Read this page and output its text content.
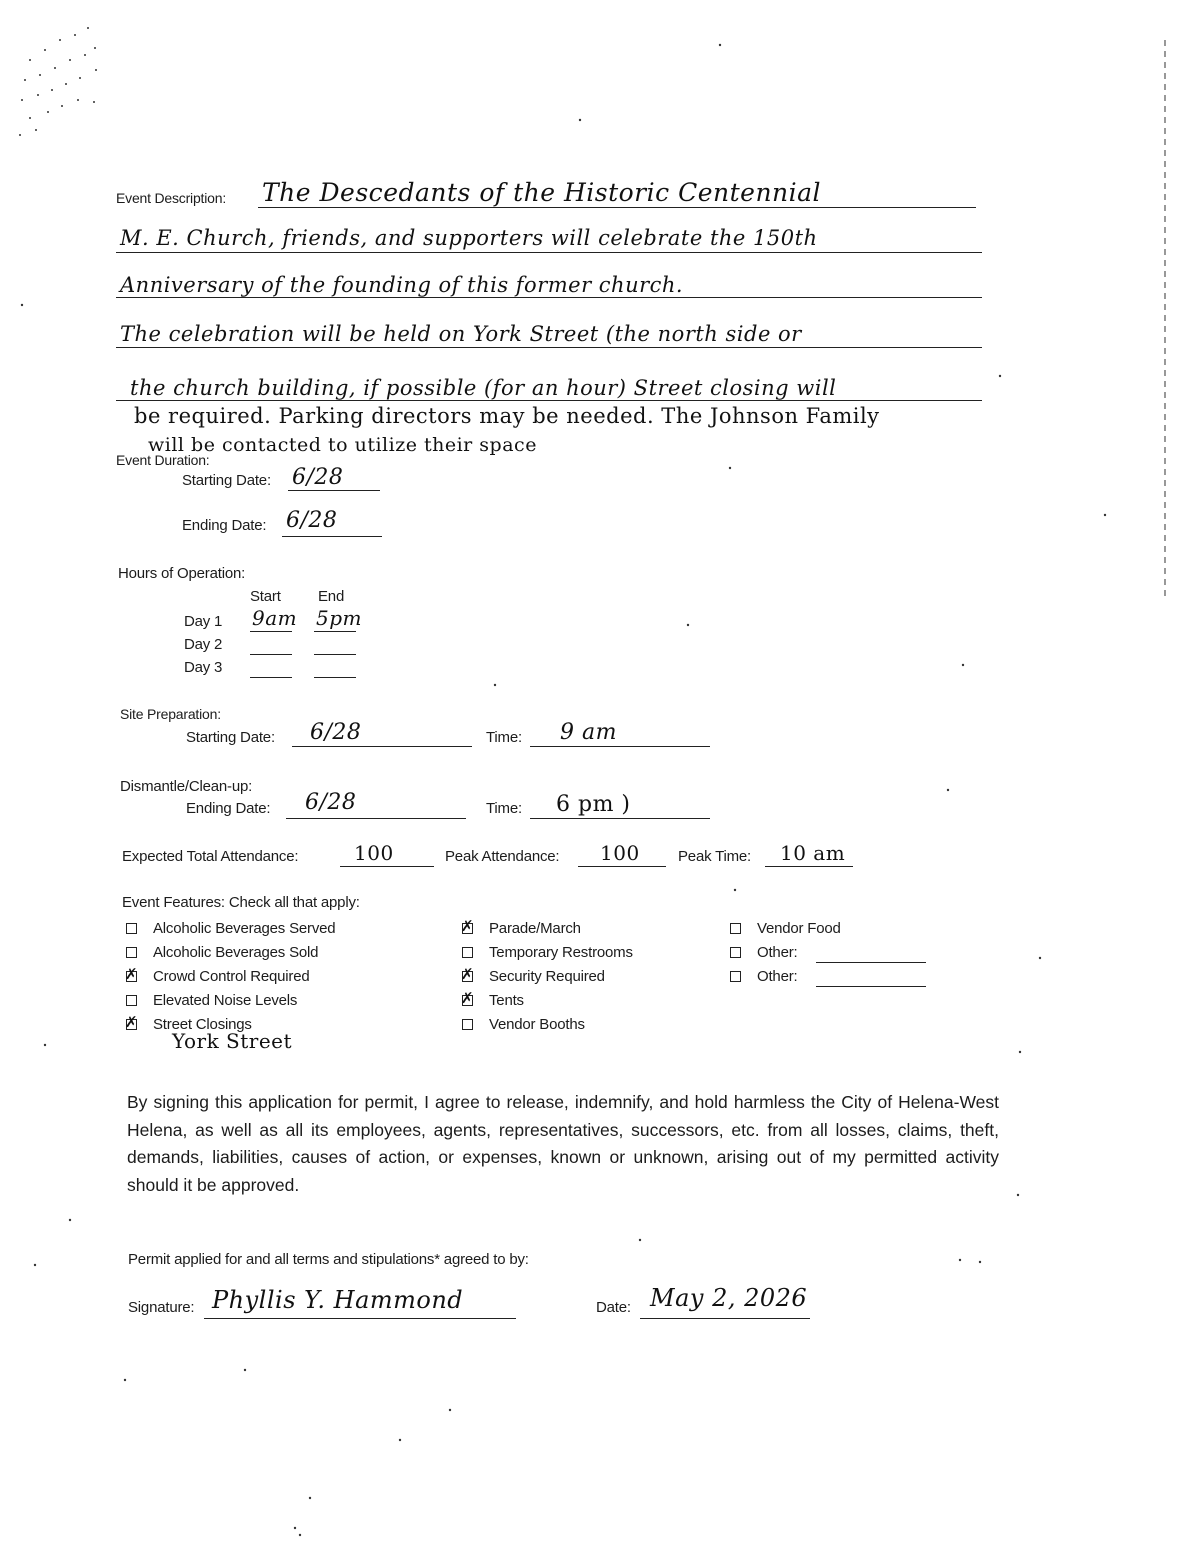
Event Description: The Descedants of the Historic Centennial
M. E. Church, friends, and supporters will celebrate the 150th
Anniversary of the founding of this former church.
The celebration will be held on York Street (the north side or
the church building, if possible (for an hour) Street closing will
be required. Parking directors may be needed. The Johnson Family
will be contacted to utilize their space
Event Duration:
Starting Date: 6/28
Ending Date: 6/28
Hours of Operation:
Start End
Day 1 9am 5pm
Day 2
Day 3
Site Preparation:
Starting Date: 6/28	Time: 9 am
Dismantle/Clean-up:
Ending Date: 6/28	Time: 6 pm )
Expected Total Attendance:	100	Peak Attendance: 100	Peak Time: 10 am
Event Features: Check all that apply:
Alcoholic Beverages Served
Alcoholic Beverages Sold
✗ Crowd Control Required
Elevated Noise Levels
✗ Street Closings
✗ Parade/March
Temporary Restrooms
✗ Security Required
✗ Tents
Vendor Booths
Vendor Food
Other:
Other:
York Street
By signing this application for permit, I agree to release, indemnify, and hold harmless the City of Helena-West Helena, as well as all its employees, agents, representatives, successors, etc. from all losses, claims, theft, demands, liabilities, causes of action, or expenses, known or unknown, arising out of my permitted activity should it be approved.
Permit applied for and all terms and stipulations* agreed to by:
Signature: Phyllis Y. Hammond	Date: May 2, 2026
